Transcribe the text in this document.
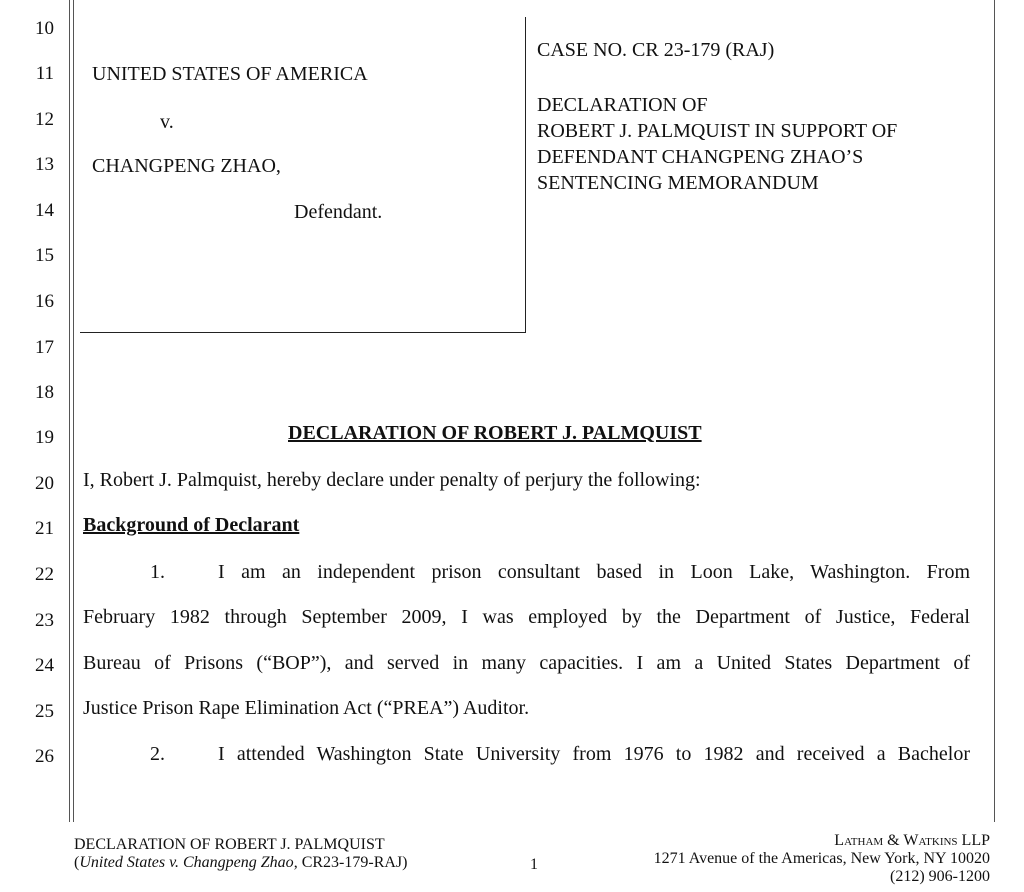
10
11
12
13
14
15
16
17
18
19
20
21
22
23
24
25
26
UNITED STATES OF AMERICA
v.
CHANGPENG ZHAO,
Defendant.
CASE NO. CR 23-179 (RAJ)
DECLARATION OF
ROBERT J. PALMQUIST IN SUPPORT OF
DEFENDANT CHANGPENG ZHAO’S
SENTENCING MEMORANDUM
DECLARATION OF ROBERT J. PALMQUIST
I, Robert J. Palmquist, hereby declare under penalty of perjury the following:
Background of Declarant
1.	I am an independent prison consultant based in Loon Lake, Washington. From
February 1982 through September 2009, I was employed by the Department of Justice, Federal
Bureau of Prisons (“BOP”), and served in many capacities. I am a United States Department of
Justice Prison Rape Elimination Act (“PREA”) Auditor.
2.	I attended Washington State University from 1976 to 1982 and received a Bachelor
DECLARATION OF ROBERT J. PALMQUIST
(United States v. Changpeng Zhao, CR23-179-RAJ)	1
Latham & Watkins LLP
1271 Avenue of the Americas, New York, NY 10020
(212) 906-1200
